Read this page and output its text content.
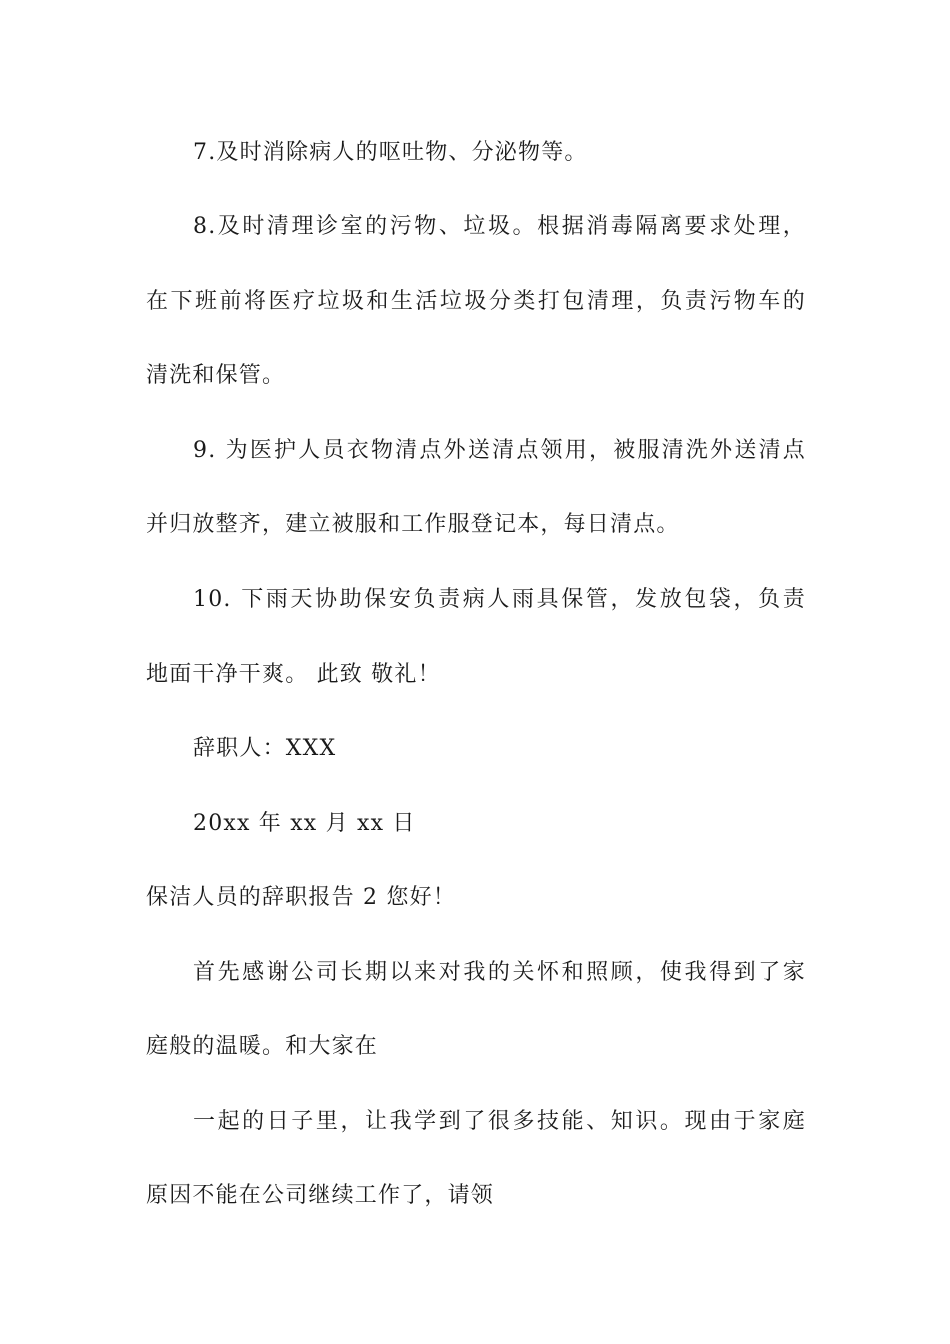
7.及时消除病人的呕吐物、分泌物等。
8.及时清理诊室的污物、垃圾。根据消毒隔离要求处理，
在下班前将医疗垃圾和生活垃圾分类打包清理，负责污物车的
清洗和保管。
9. 为医护人员衣物清点外送清点领用，被服清洗外送清点
并归放整齐，建立被服和工作服登记本，每日清点。
10. 下雨天协助保安负责病人雨具保管，发放包袋，负责
地面干净干爽。 此致 敬礼！
辞职人：XXX
20xx 年 xx 月 xx 日
保洁人员的辞职报告 2 您好！
首先感谢公司长期以来对我的关怀和照顾，使我得到了家
庭般的温暖。和大家在
一起的日子里，让我学到了很多技能、知识。现由于家庭
原因不能在公司继续工作了，请领
